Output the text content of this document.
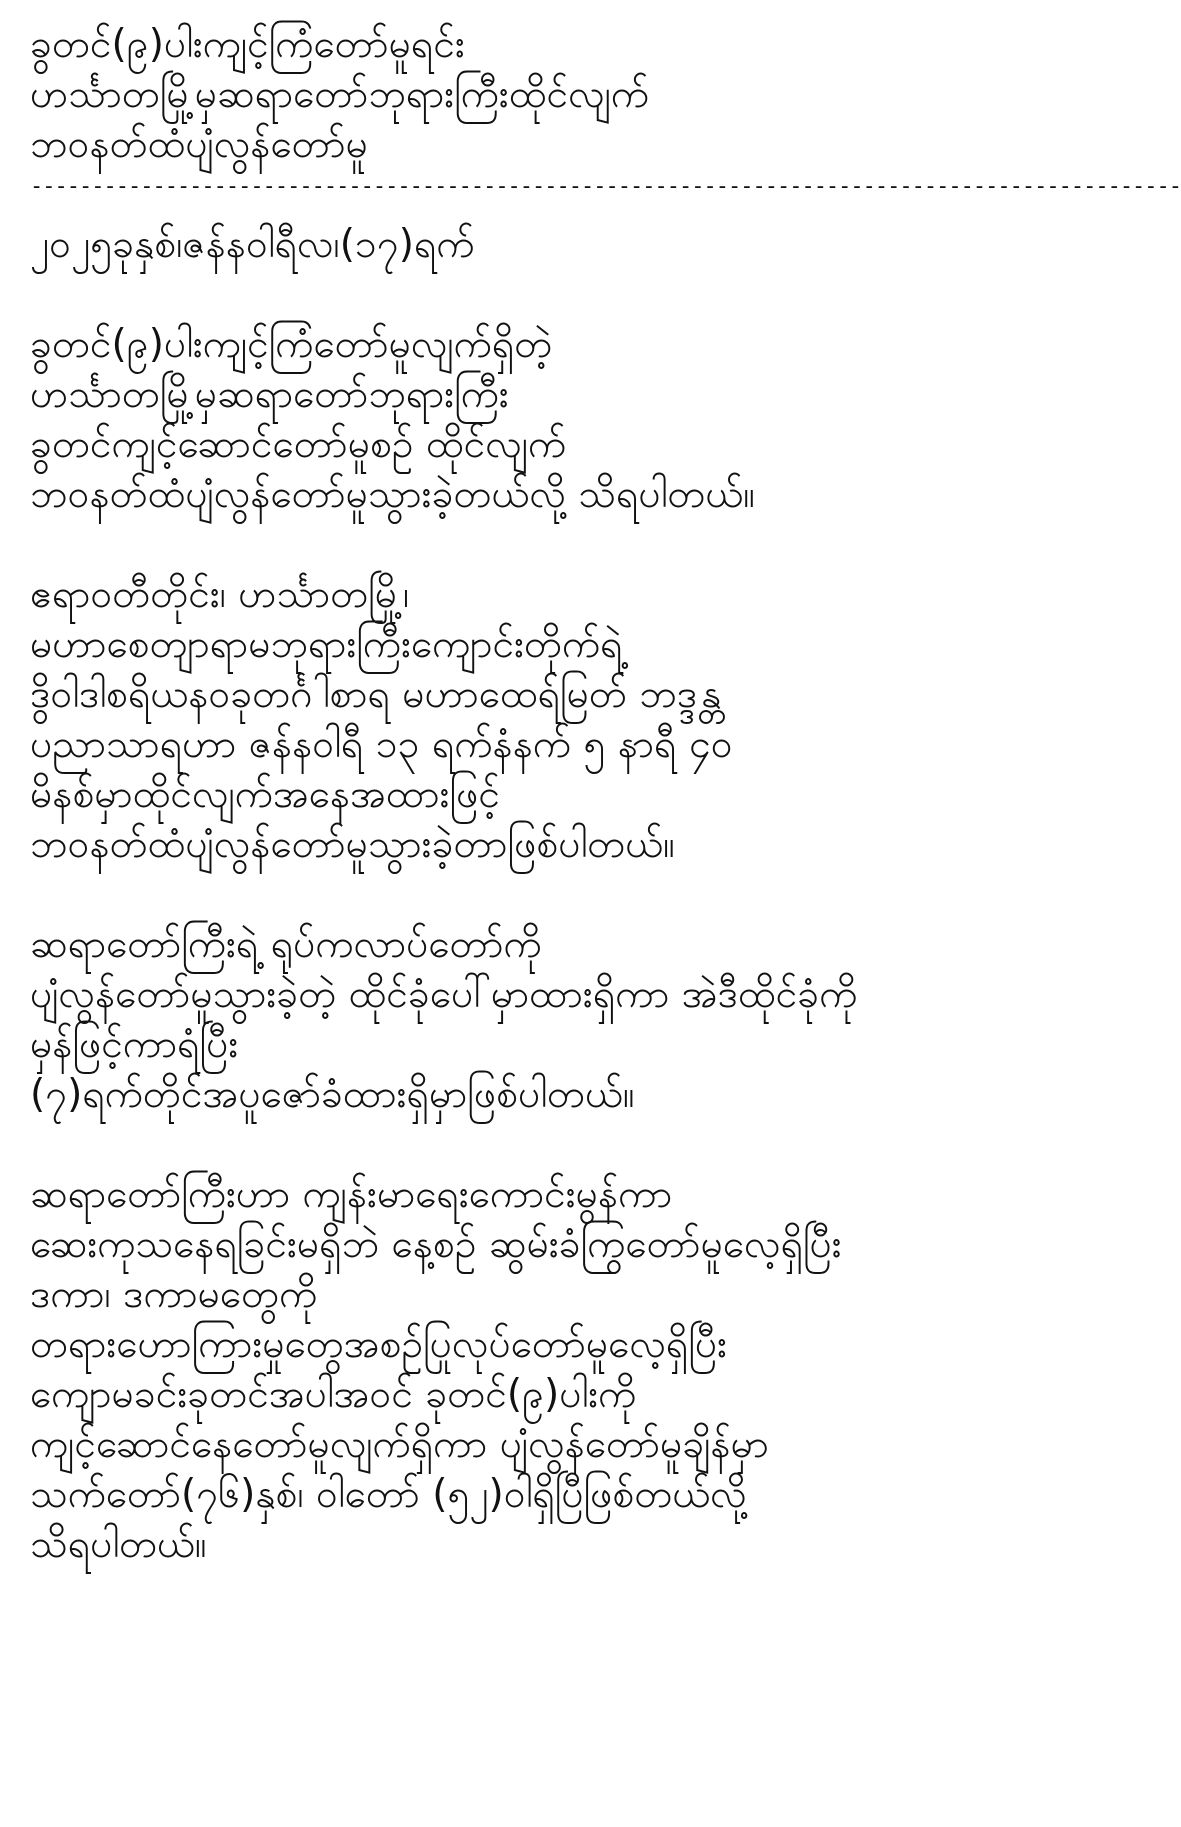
ခွတင်(၉)ပါးကျင့်ကြံတော်မူရင်း
ဟင်္သာတမြို့မှဆရာတော်ဘုရားကြီးထိုင်လျက်
ဘဝနတ်ထံပျံလွန်တော်မူ
----------------------------------------------------------------------------------------------
၂၀၂၅ခုနှစ်၊ဇန်နဝါရီလ၊(၁၇)ရက်
ခွတင်(၉)ပါးကျင့်ကြံတော်မူလျက်ရှိတဲ့
ဟင်္သာတမြို့မှဆရာတော်ဘုရားကြီး
ခွတင်ကျင့်ဆောင်တော်မူစဉ် ထိုင်လျက်
ဘဝနတ်ထံပျံလွန်တော်မူသွားခဲ့တယ်လို့ သိရပါတယ်။
ဧရာဝတီတိုင်း၊ ဟင်္သာတမြို့၊
မဟာစေတျာရာမဘုရားကြီးကျောင်းတိုက်ရဲ့
ဒွိဝါဒါစရိယနဝခုတင်္ဂါစာရ မဟာထေရ်မြတ် ဘဒ္ဒန္တ
ပညာသာရဟာ ဇန်နဝါရီ ၁၃ ရက်နံနက် ၅ နာရီ ၄၀
မိနစ်မှာထိုင်လျက်အနေအထားဖြင့်
ဘဝနတ်ထံပျံလွန်တော်မူသွားခဲ့တာဖြစ်ပါတယ်။
ဆရာတော်ကြီးရဲ့ ရုပ်ကလာပ်တော်ကို
ပျံလွန်တော်မူသွားခဲ့တဲ့ ထိုင်ခုံပေါ်မှာထားရှိကာ အဲဒီထိုင်ခုံကို
မှန်ဖြင့်ကာရံပြီး
(၇)ရက်တိုင်အပူဇော်ခံထားရှိမှာဖြစ်ပါတယ်။
ဆရာတော်ကြီးဟာ ကျန်းမာရေးကောင်းမွန်ကာ
ဆေးကုသနေရခြင်းမရှိဘဲ နေ့စဉ် ဆွမ်းခံကြွတော်မူလေ့ရှိပြီး
ဒကာ၊ ဒကာမတွေကို
တရားဟောကြားမှုတွေအစဉ်ပြုလုပ်တော်မူလေ့ရှိပြီး
ကျောမခင်းခုတင်အပါအဝင် ခုတင်(၉)ပါးကို
ကျင့်ဆောင်နေတော်မူလျက်ရှိကာ ပျံလွန်တော်မူချိန်မှာ
သက်တော်(၇၆)နှစ်၊ ဝါတော် (၅၂)ဝါရှိပြီဖြစ်တယ်လို့
သိရပါတယ်။
